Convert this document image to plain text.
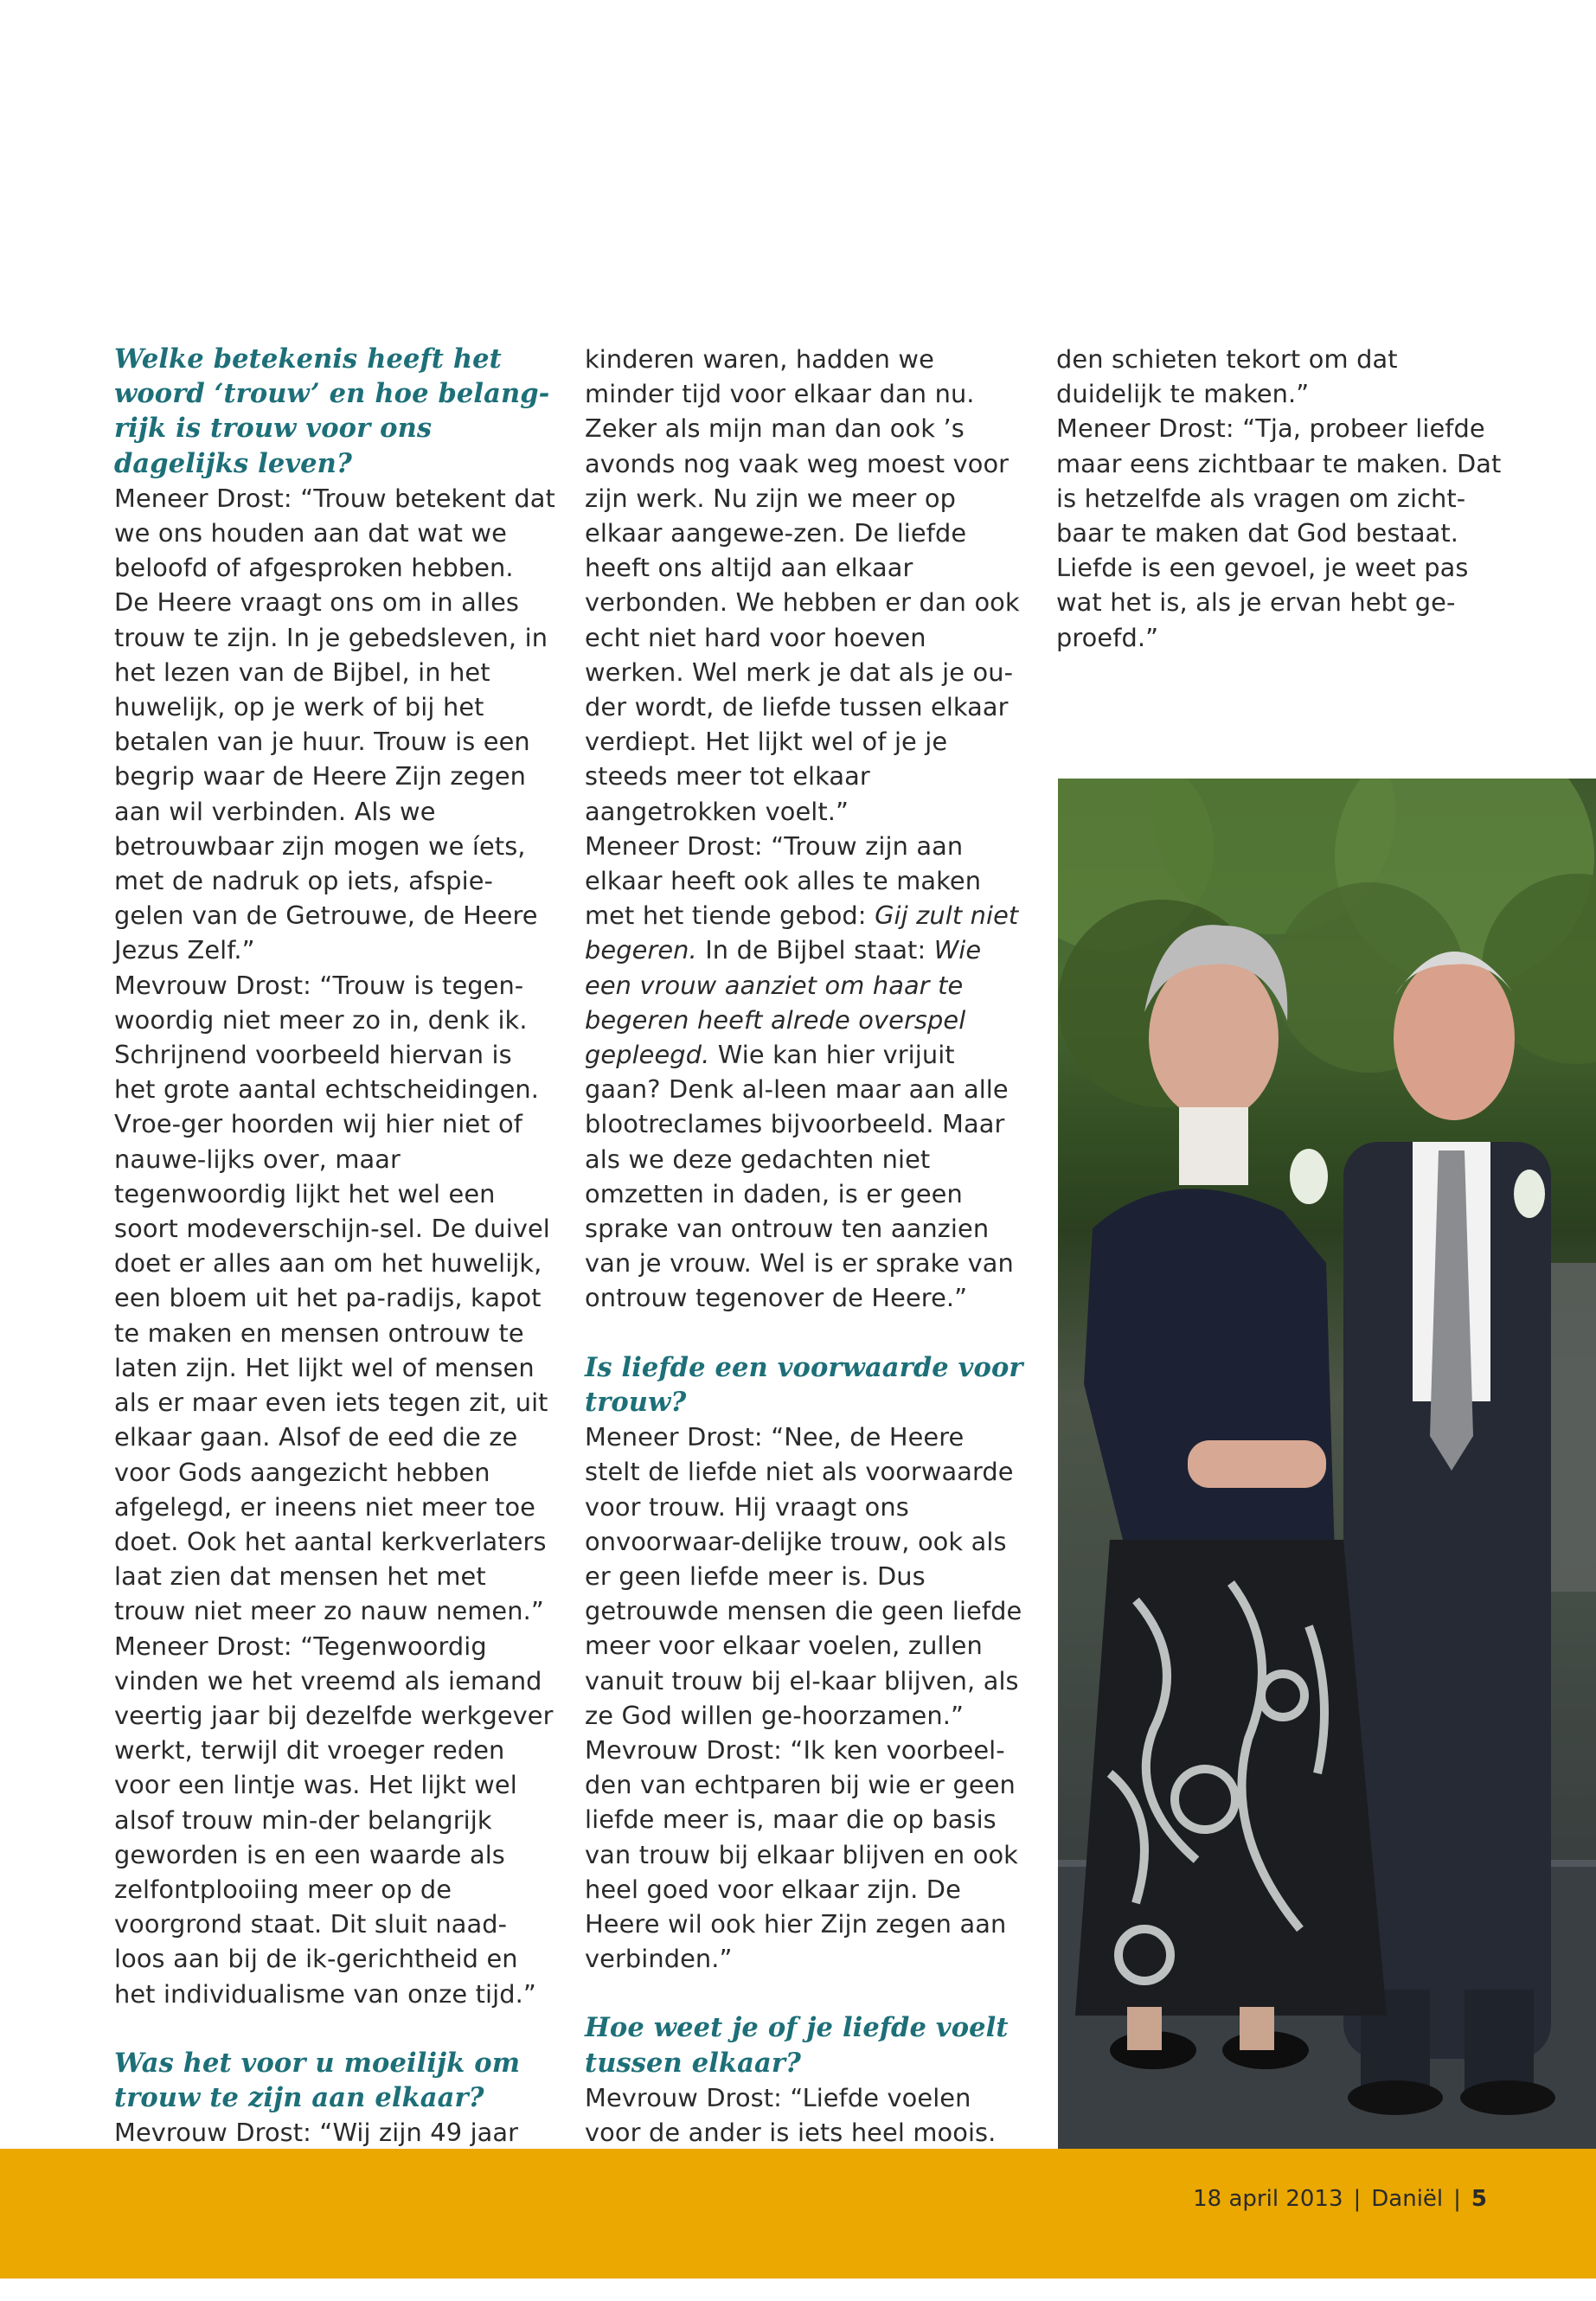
Welke betekenis heeft het woord ‘trouw’ en hoe belang-rijk is trouw voor ons dagelijks leven?

Meneer Drost: “Trouw betekent dat we ons houden aan dat wat we beloofd of afgesproken hebben. De Heere vraagt ons om in alles trouw te zijn. In je gebedsleven, in het lezen van de Bijbel, in het huwelijk, op je werk of bij het betalen van je huur. Trouw is een begrip waar de Heere Zijn zegen aan wil verbinden. Als we betrouwbaar zijn mogen we íets, met de nadruk op iets, afspie-gelen van de Getrouwe, de Heere Jezus Zelf.”

Mevrouw Drost: “Trouw is tegen-woordig niet meer zo in, denk ik. Schrijnend voorbeeld hiervan is het grote aantal echtscheidingen. Vroe-ger hoorden wij hier niet of nauwe-lijks over, maar tegenwoordig lijkt het wel een soort modeverschijn-sel. De duivel doet er alles aan om het huwelijk, een bloem uit het pa-radijs, kapot te maken en mensen ontrouw te laten zijn. Het lijkt wel of mensen als er maar even iets tegen zit, uit elkaar gaan. Alsof de eed die ze voor Gods aangezicht hebben afgelegd, er ineens niet meer toe doet. Ook het aantal kerkverlaters laat zien dat mensen het met trouw niet meer zo nauw nemen.” Meneer Drost: “Tegenwoordig vinden we het vreemd als iemand veertig jaar bij dezelfde werkgever werkt, terwijl dit vroeger reden voor een lintje was. Het lijkt wel alsof trouw min-der belangrijk geworden is en een waarde als zelfontplooiing meer op de voorgrond staat. Dit sluit naad-loos aan bij de ik-gerichtheid en het individualisme van onze tijd.”

Was het voor u moeilijk om trouw te zijn aan elkaar?

Mevrouw Drost: “Wij zijn 49 jaar

kinderen waren, hadden we minder tijd voor elkaar dan nu. Zeker als mijn man dan ook ’s avonds nog vaak weg moest voor zijn werk. Nu zijn we meer op elkaar aangewe-zen. De liefde heeft ons altijd aan elkaar verbonden. We hebben er dan ook echt niet hard voor hoeven werken. Wel merk je dat als je ou-der wordt, de liefde tussen elkaar verdiept. Het lijkt wel of je je steeds meer tot elkaar aangetrokken voelt.”

Meneer Drost: “Trouw zijn aan elkaar heeft ook alles te maken met het tiende gebod: Gij zult niet begeren. In de Bijbel staat: Wie een vrouw aanziet om haar te begeren heeft alrede overspel gepleegd. Wie kan hier vrijuit gaan? Denk al-leen maar aan alle blootreclames bijvoorbeeld. Maar als we deze gedachten niet omzetten in daden, is er geen sprake van ontrouw ten aanzien van je vrouw. Wel is er sprake van ontrouw tegenover de Heere.”

Is liefde een voorwaarde voor trouw?

Meneer Drost: “Nee, de Heere stelt de liefde niet als voorwaarde voor trouw. Hij vraagt ons onvoorwaar-delijke trouw, ook als er geen liefde meer is. Dus getrouwde mensen die geen liefde meer voor elkaar voelen, zullen vanuit trouw bij el-kaar blijven, als ze God willen ge-hoorzamen.”

Mevrouw Drost: “Ik ken voorbeel-den van echtparen bij wie er geen liefde meer is, maar die op basis van trouw bij elkaar blijven en ook heel goed voor elkaar zijn. De Heere wil ook hier Zijn zegen aan verbinden.”

Hoe weet je of je liefde voelt tussen elkaar?

Mevrouw Drost: “Liefde voelen voor de ander is iets heel moois.

den schieten tekort om dat duidelijk te maken.”

Meneer Drost: “Tja, probeer liefde maar eens zichtbaar te maken. Dat is hetzelfde als vragen om zicht-baar te maken dat God bestaat. Liefde is een gevoel, je weet pas wat het is, als je ervan hebt ge-proefd.”

18 april 2013 | Daniël | 5
